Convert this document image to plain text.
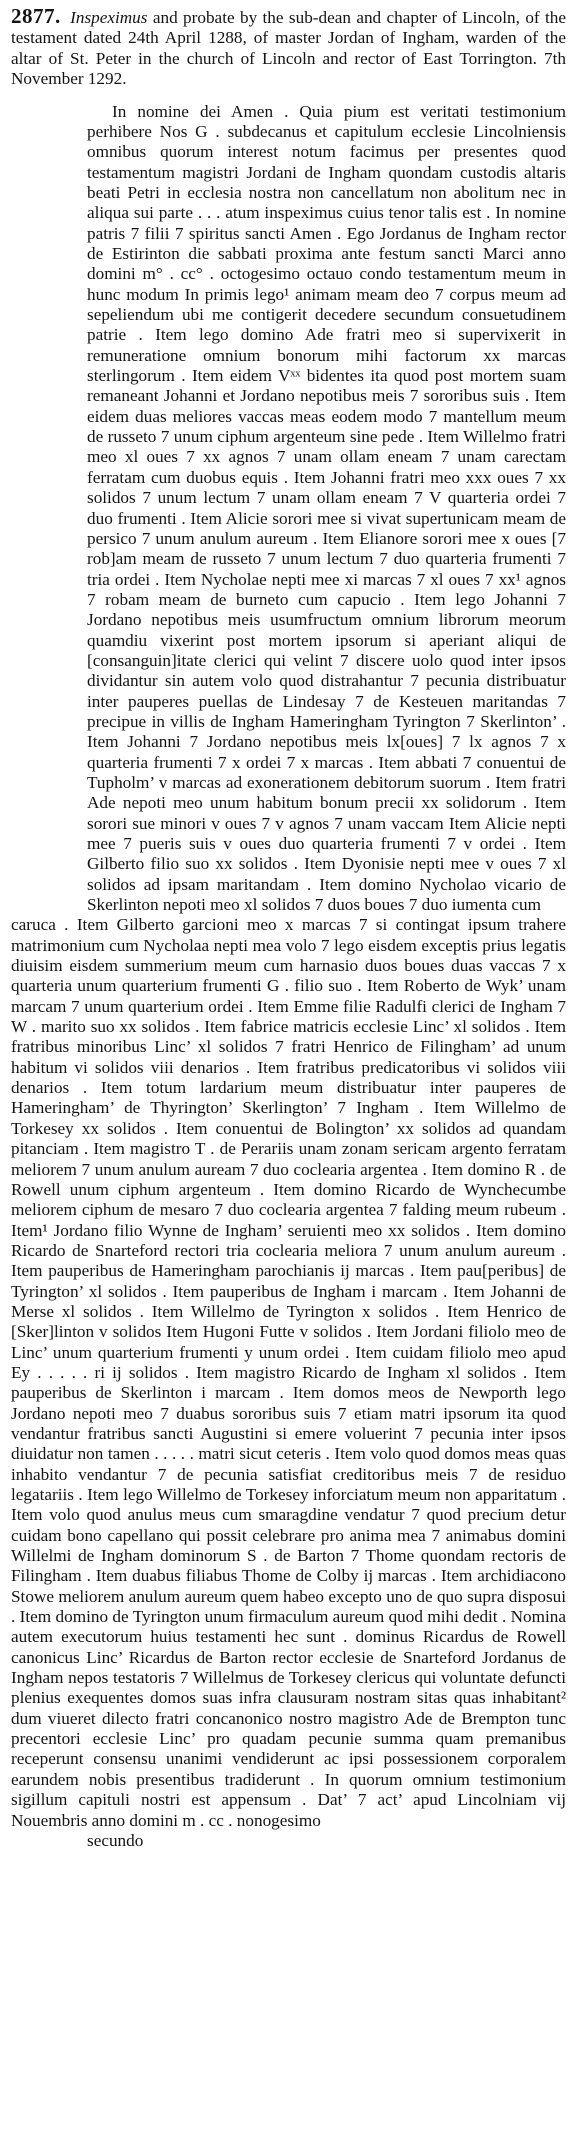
2877. Inspeximus and probate by the sub-dean and chapter of Lincoln, of the testament dated 24th April 1288, of master Jordan of Ingham, warden of the altar of St. Peter in the church of Lincoln and rector of East Torrington. 7th November 1292.

In nomine dei Amen . Quia pium est veritati testimonium perhibere Nos G . subdecanus et capitulum ecclesie Lincolniensis omnibus quorum interest notum facimus per presentes quod testamentum magistri Jordani de Ingham quondam custodis altaris beati Petri in ecclesia nostra non cancellatum non abolitum nec in aliqua sui parte . . . atum inspeximus cuius tenor talis est . In nomine patris 7 filii 7 spiritus sancti Amen . Ego Jordanus de Ingham rector de Estirinton die sabbati proxima ante festum sancti Marci anno domini m° . cc° . octogesimo octauo condo testamentum meum in hunc modum In primis lego¹ animam meam deo 7 corpus meum ad sepeliendum ubi me contigerit decedere secundum consuetudinem patrie . Item lego domino Ade fratri meo si supervixerit in remuneratione omnium bonorum mihi factorum xx marcas sterlingorum . Item eidem Vˣˣ bidentes ita quod post mortem suam remaneant Johanni et Jordano nepotibus meis 7 sororibus suis . Item eidem duas meliores vaccas meas eodem modo 7 mantellum meum de russeto 7 unum ciphum argenteum sine pede . Item Willelmo fratri meo xl oues 7 xx agnos 7 unam ollam eneam 7 unam carectam ferratam cum duobus equis . Item Johanni fratri meo xxx oues 7 xx solidos 7 unum lectum 7 unam ollam eneam 7 V quarteria ordei 7 duo frumenti . Item Alicie sorori mee si vivat supertunicam meam de persico 7 unum anulum aureum . Item Elianore sorori mee x oues [7 rob]am meam de russeto 7 unum lectum 7 duo quarteria frumenti 7 tria ordei . Item Nycholae nepti mee xi marcas 7 xl oues 7 xx¹ agnos 7 robam meam de burneto cum capucio . Item lego Johanni 7 Jordano nepotibus meis usumfructum omnium librorum meorum quamdiu vixerint post mortem ipsorum si aperiant aliqui de [consanguin]itate clerici qui velint 7 discere uolo quod inter ipsos dividantur sin autem volo quod distrahantur 7 pecunia distribuatur inter pauperes puellas de Lindesay 7 de Kesteuen maritandas 7 precipue in villis de Ingham Hameringham Tyrington 7 Skerlinton’ . Item Johanni 7 Jordano nepotibus meis lx[oues] 7 lx agnos 7 x quarteria frumenti 7 x ordei 7 x marcas . Item abbati 7 conuentui de Tupholm’ v marcas ad exonerationem debitorum suorum . Item fratri Ade nepoti meo unum habitum bonum precii xx solidorum . Item sorori sue minori v oues 7 v agnos 7 unam vaccam Item Alicie nepti mee 7 pueris suis v oues duo quarteria frumenti 7 v ordei . Item Gilberto filio suo xx solidos . Item Dyonisie nepti mee v oues 7 xl solidos ad ipsam maritandam . Item domino Nycholao vicario de Skerlinton nepoti meo xl solidos 7 duos boues 7 duo iumenta cum

caruca . Item Gilberto garcioni meo x marcas 7 si contingat ipsum trahere matrimonium cum Nycholaa nepti mea volo 7 lego eisdem exceptis prius legatis diuisim eisdem summerium meum cum harnasio duos boues duas vaccas 7 x quarteria unum quarterium frumenti G . filio suo . Item Roberto de Wyk’ unam marcam 7 unum quarterium ordei . Item Emme filie Radulfi clerici de Ingham 7 W . marito suo xx solidos . Item fabrice matricis ecclesie Linc’ xl solidos . Item fratribus minoribus Linc’ xl solidos 7 fratri Henrico de Filingham’ ad unum habitum vi solidos viii denarios . Item fratribus predicatoribus vi solidos viii denarios . Item totum lardarium meum distribuatur inter pauperes de Hameringham’ de Thyrington’ Skerlington’ 7 Ingham . Item Willelmo de Torkesey xx solidos . Item conuentui de Bolington’ xx solidos ad quandam pitanciam . Item magistro T . de Perariis unam zonam sericam argento ferratam meliorem 7 unum anulum auream 7 duo coclearia argentea . Item domino R . de Rowell unum ciphum argenteum . Item domino Ricardo de Wynchecumbe meliorem ciphum de mesaro 7 duo coclearia argentea 7 falding meum rubeum . Item¹ Jordano filio Wynne de Ingham’ seruienti meo xx solidos . Item domino Ricardo de Snarteford rectori tria coclearia meliora 7 unum anulum aureum . Item pauperibus de Hameringham parochianis ij marcas . Item pau[peribus] de Tyrington’ xl solidos . Item pauperibus de Ingham i marcam . Item Johanni de Merse xl solidos . Item Willelmo de Tyrington x solidos . Item Henrico de [Sker]linton v solidos Item Hugoni Futte v solidos . Item Jordani filiolo meo de Linc’ unum quarterium frumenti y unum ordei . Item cuidam filiolo meo apud Ey . . . . . ri ij solidos . Item magistro Ricardo de Ingham xl solidos . Item pauperibus de Skerlinton i marcam . Item domos meos de Newporth lego Jordano nepoti meo 7 duabus sororibus suis 7 etiam matri ipsorum ita quod vendantur fratribus sancti Augustini si emere voluerint 7 pecunia inter ipsos diuidatur non tamen . . . . . matri sicut ceteris . Item volo quod domos meas quas inhabito vendantur 7 de pecunia satisfiat creditoribus meis 7 de residuo legatariis . Item lego Willelmo de Torkesey inforciatum meum non apparitatum . Item volo quod anulus meus cum smaragdine vendatur 7 quod precium detur cuidam bono capellano qui possit celebrare pro anima mea 7 animabus domini Willelmi de Ingham dominorum S . de Barton 7 Thome quondam rectoris de Filingham . Item duabus filiabus Thome de Colby ij marcas . Item archidiacono Stowe meliorem anulum aureum quem habeo excepto uno de quo supra disposui . Item domino de Tyrington unum firmaculum aureum quod mihi dedit . Nomina autem executorum huius testamenti hec sunt . dominus Ricardus de Rowell canonicus Linc’ Ricardus de Barton rector ecclesie de Snarteford Jordanus de Ingham nepos testatoris 7 Willelmus de Torkesey clericus qui voluntate defuncti plenius exequentes domos suas infra clausuram nostram sitas quas inhabitant² dum viueret dilecto fratri concanonico nostro magistro Ade de Brempton tunc precentori ecclesie Linc’ pro quadam pecunie summa quam premanibus receperunt consensu unanimi vendiderunt ac ipsi possessionem corporalem earundem nobis presentibus tradiderunt . In quorum omnium testimonium sigillum capituli nostri est appensum . Dat’ 7 act’ apud Lincolniam vij Nouembris anno domini m . cc . nonogesimo

secundo
